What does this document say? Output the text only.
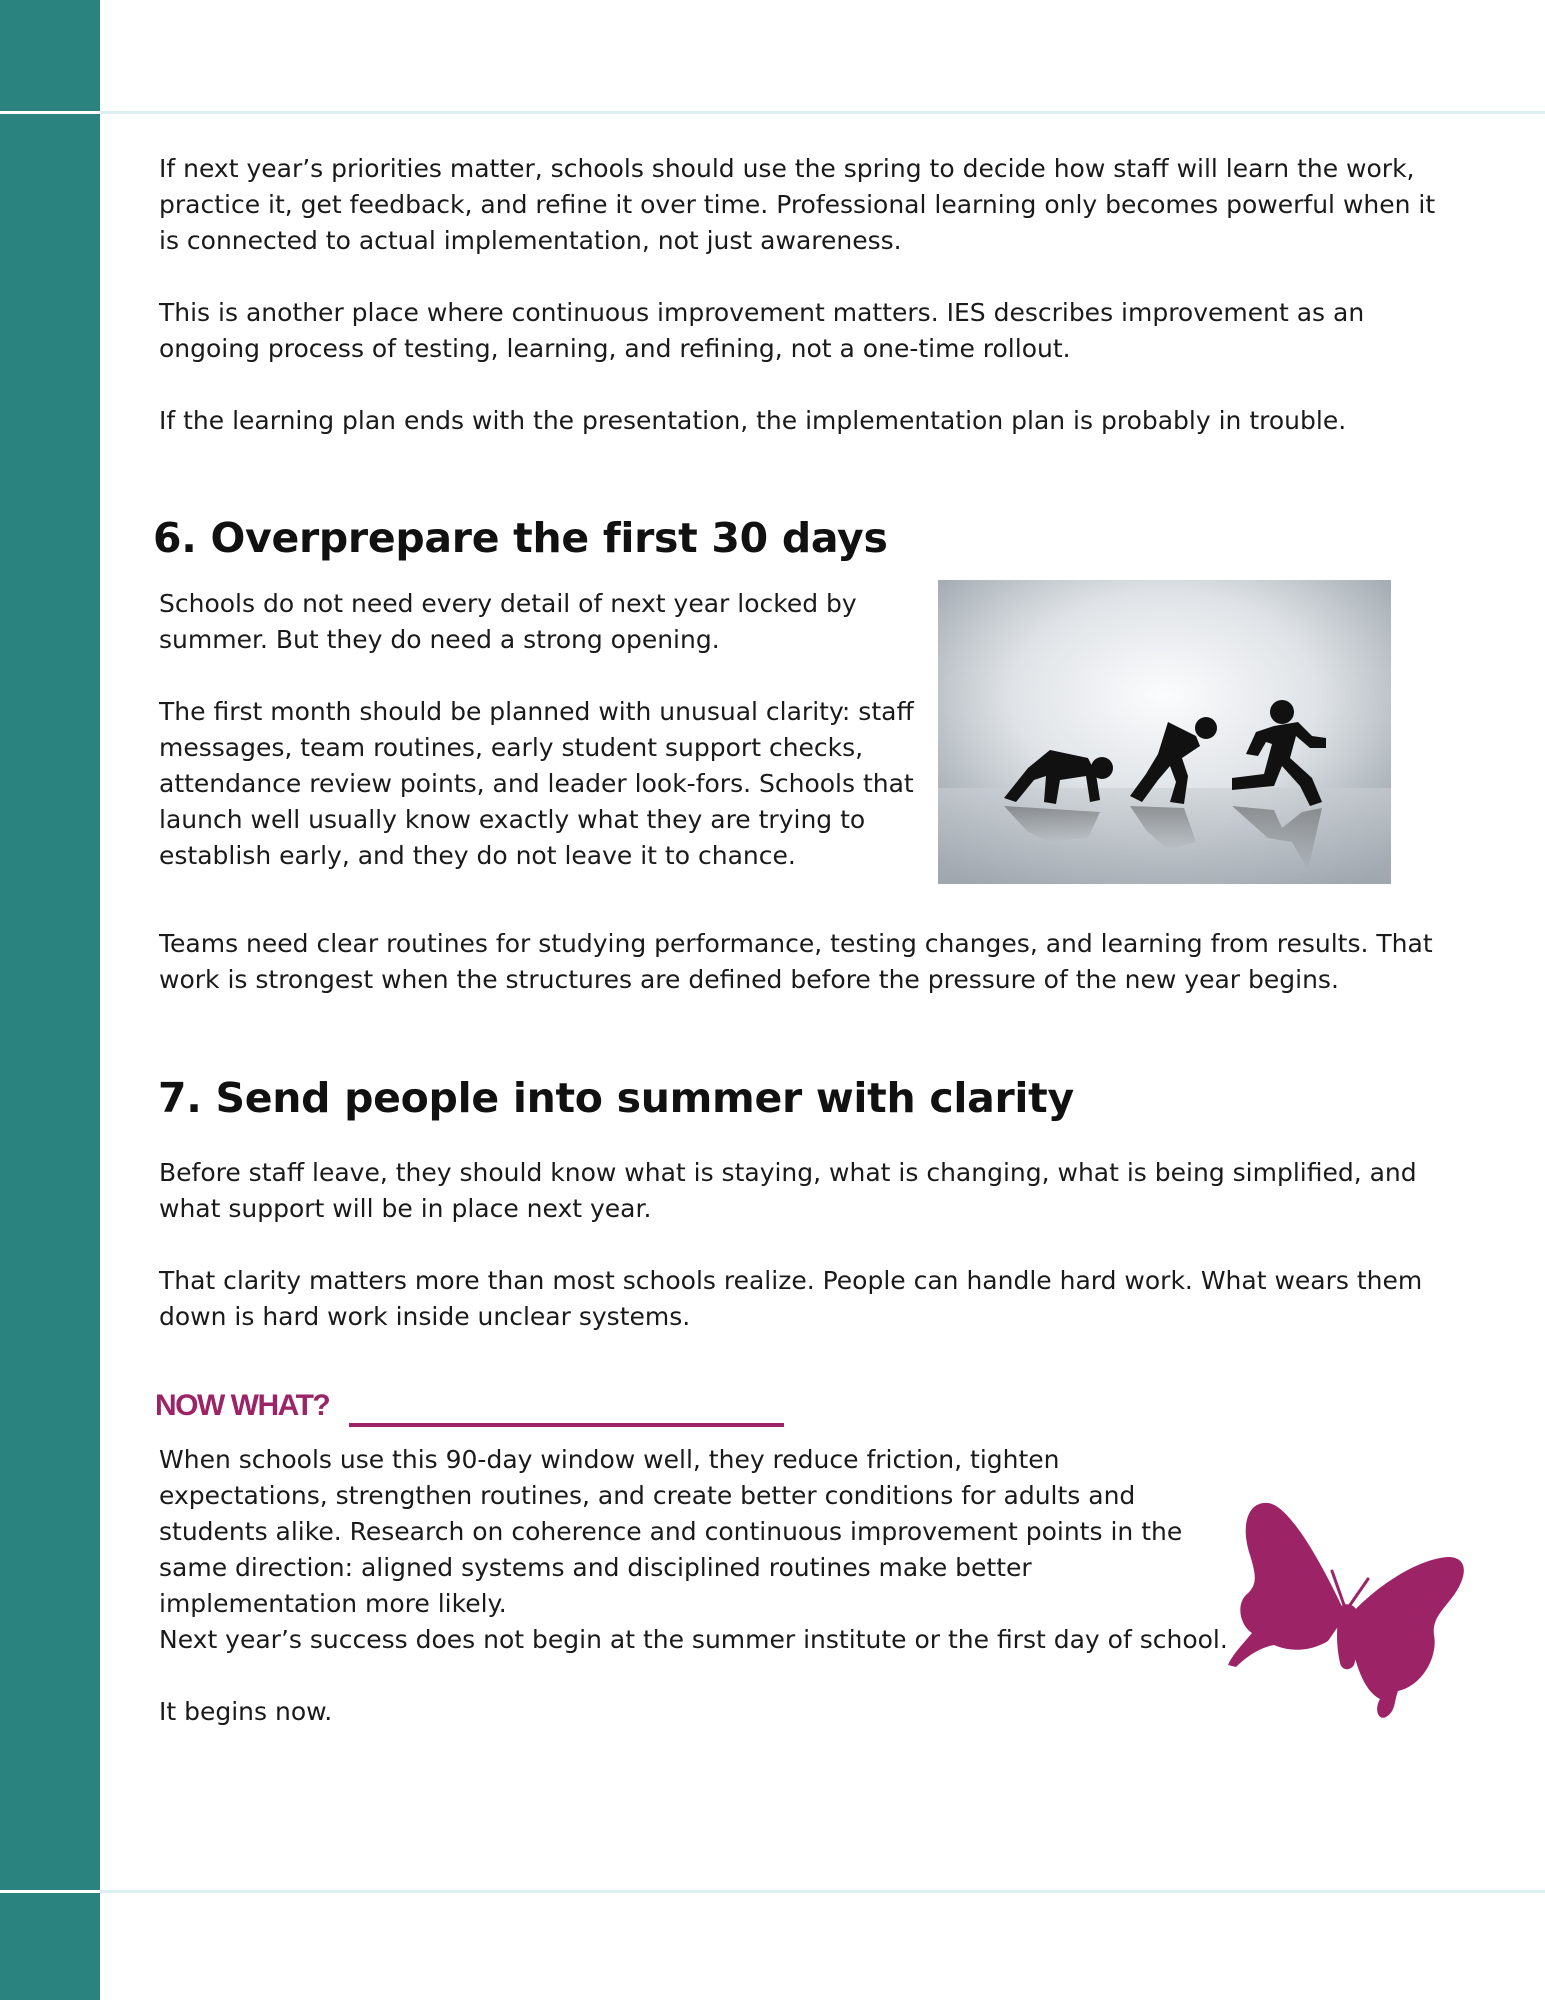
If next year’s priorities matter, schools should use the spring to decide how staff will learn the work, practice it, get feedback, and refine it over time. Professional learning only becomes powerful when it is connected to actual implementation, not just awareness.

This is another place where continuous improvement matters. IES describes improvement as an ongoing process of testing, learning, and refining, not a one-time rollout.

If the learning plan ends with the presentation, the implementation plan is probably in trouble.

6. Overprepare the first 30 days

Schools do not need every detail of next year locked by summer. But they do need a strong opening.

The first month should be planned with unusual clarity: staff messages, team routines, early student support checks, attendance review points, and leader look-fors. Schools that launch well usually know exactly what they are trying to establish early, and they do not leave it to chance.

Teams need clear routines for studying performance, testing changes, and learning from results. That work is strongest when the structures are defined before the pressure of the new year begins.

7. Send people into summer with clarity

Before staff leave, they should know what is staying, what is changing, what is being simplified, and what support will be in place next year.

That clarity matters more than most schools realize. People can handle hard work. What wears them down is hard work inside unclear systems.

NOW WHAT?

When schools use this 90-day window well, they reduce friction, tighten expectations, strengthen routines, and create better conditions for adults and students alike. Research on coherence and continuous improvement points in the same direction: aligned systems and disciplined routines make better implementation more likely.

Next year’s success does not begin at the summer institute or the first day of school.

It begins now.
